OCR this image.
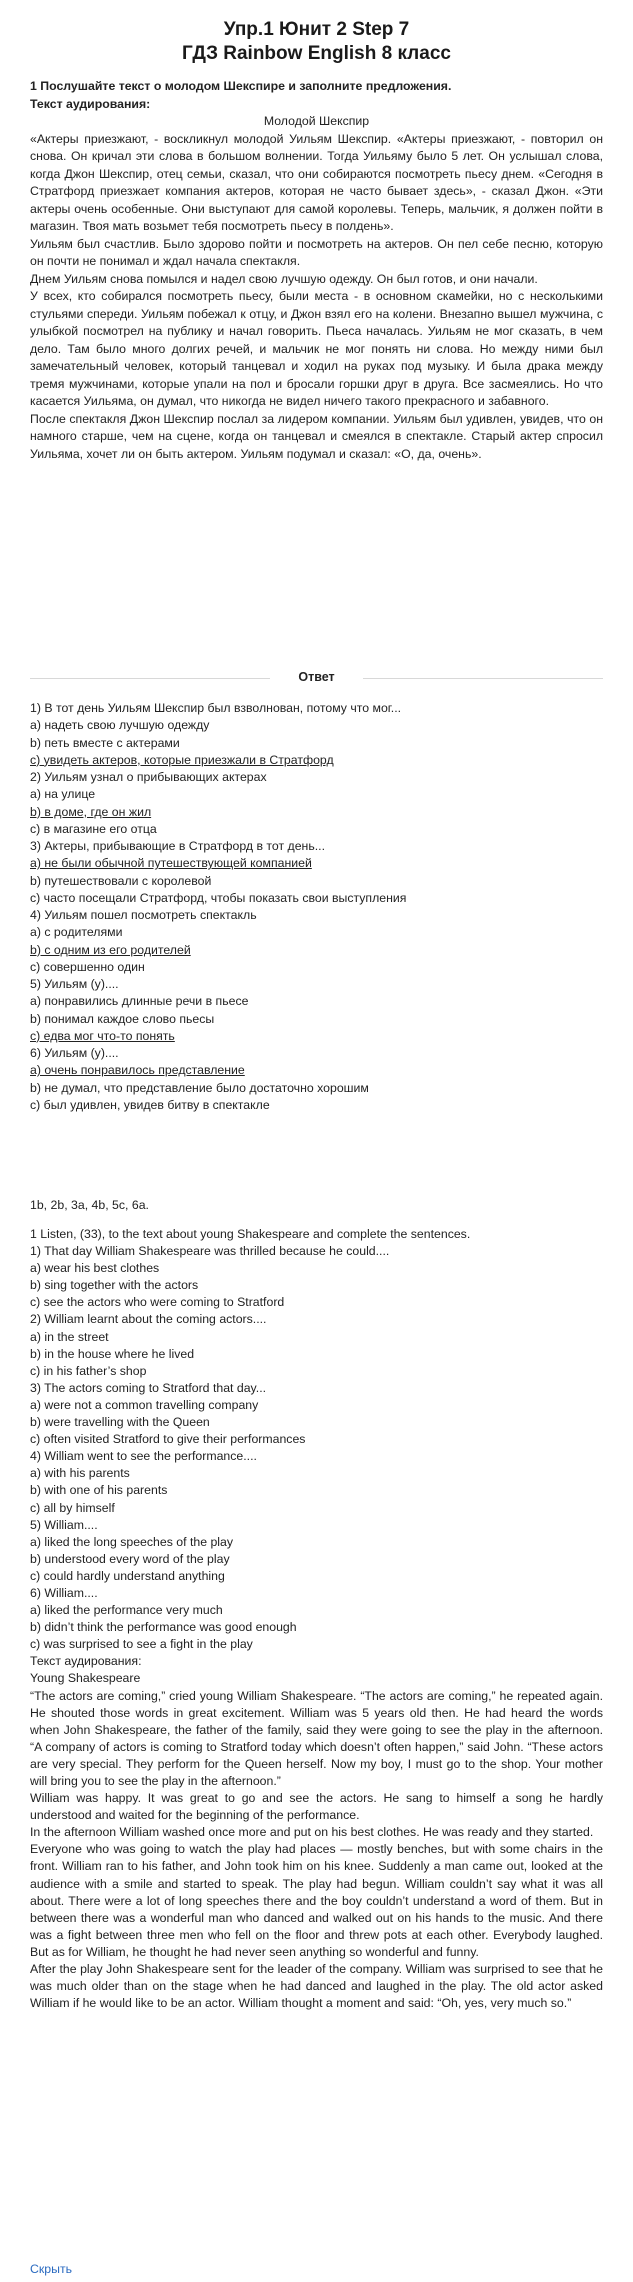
Упр.1 Юнит 2 Step 7
ГДЗ Rainbow English 8 класс
1 Послушайте текст о молодом Шекспире и заполните предложения.
Текст аудирования:
Молодой Шекспир

«Актеры приезжают, - воскликнул молодой Уильям Шекспир. «Актеры приезжают, - повторил он снова. Он кричал эти слова в большом волнении. Тогда Уильяму было 5 лет. Он услышал слова, когда Джон Шекспир, отец семьи, сказал, что они собираются посмотреть пьесу днем. «Сегодня в Стратфорд приезжает компания актеров, которая не часто бывает здесь», - сказал Джон. «Эти актеры очень особенные. Они выступают для самой королевы. Теперь, мальчик, я должен пойти в магазин. Твоя мать возьмет тебя посмотреть пьесу в полдень».

Уильям был счастлив. Было здорово пойти и посмотреть на актеров. Он пел себе песню, которую он почти не понимал и ждал начала спектакля.

Днем Уильям снова помылся и надел свою лучшую одежду. Он был готов, и они начали.

У всех, кто собирался посмотреть пьесу, были места - в основном скамейки, но с несколькими стульями спереди. Уильям побежал к отцу, и Джон взял его на колени. Внезапно вышел мужчина, с улыбкой посмотрел на публику и начал говорить. Пьеса началась. Уильям не мог сказать, в чем дело. Там было много долгих речей, и мальчик не мог понять ни слова. Но между ними был замечательный человек, который танцевал и ходил на руках под музыку. И была драка между тремя мужчинами, которые упали на пол и бросали горшки друг в друга. Все засмеялись. Но что касается Уильяма, он думал, что никогда не видел ничего такого прекрасного и забавного.

После спектакля Джон Шекспир послал за лидером компании. Уильям был удивлен, увидев, что он намного старше, чем на сцене, когда он танцевал и смеялся в спектакле. Старый актер спросил Уильяма, хочет ли он быть актером. Уильям подумал и сказал: «О, да, очень».

Ответ
1) В тот день Уильям Шекспир был взволнован, потому что мог...
а) надеть свою лучшую одежду
b) петь вместе с актерами
c) увидеть актеров, которые приезжали в Стратфорд
2) Уильям узнал о прибывающих актерах
a) на улице
b) в доме, где он жил
c) в магазине его отца
3) Актеры, прибывающие в Стратфорд в тот день...
a) не были обычной путешествующей компанией
b) путешествовали с королевой
c) часто посещали Стратфорд, чтобы показать свои выступления
4) Уильям пошел посмотреть спектакль
a) с родителями
b) с одним из его родителей
c) совершенно один
5) Уильям (у)....
a) понравились длинные речи в пьесе
b) понимал каждое слово пьесы
c) едва мог что-то понять
6) Уильям (у)....
a) очень понравилось представление
b) не думал, что представление было достаточно хорошим
c) был удивлен, увидев битву в спектакле
1b, 2b, 3a, 4b, 5c, 6a.
1 Listen, (33), to the text about young Shakespeare and complete the sentences.
1) That day William Shakespeare was thrilled because he could....
a) wear his best clothes
b) sing together with the actors
c) see the actors who were coming to Stratford
2) William learnt about the coming actors....
a) in the street
b) in the house where he lived
c) in his father’s shop
3) The actors coming to Stratford that day...
a) were not a common travelling company
b) were travelling with the Queen
c) often visited Stratford to give their performances
4) William went to see the performance....
a) with his parents
b) with one of his parents
c) all by himself
5) William....
a) liked the long speeches of the play
b) understood every word of the play
c) could hardly understand anything
6) William....
a) liked the performance very much
b) didn’t think the performance was good enough
c) was surprised to see a fight in the play
Текст аудирования:
Young Shakespeare

“The actors are coming,” cried young William Shakespeare. “The actors are coming,” he repeated again. He shouted those words in great excitement. William was 5 years old then. He had heard the words when John Shakespeare, the father of the family, said they were going to see the play in the afternoon. “A company of actors is coming to Stratford today which doesn’t often happen,” said John. “These actors are very special. They perform for the Queen herself. Now my boy, I must go to the shop. Your mother will bring you to see the play in the afternoon.”

William was happy. It was great to go and see the actors. He sang to himself a song he hardly understood and waited for the beginning of the performance.

In the afternoon William washed once more and put on his best clothes. He was ready and they started.

Everyone who was going to watch the play had places — mostly benches, but with some chairs in the front. William ran to his father, and John took him on his knee. Suddenly a man came out, looked at the audience with a smile and started to speak. The play had begun. William couldn’t say what it was all about. There were a lot of long speeches there and the boy couldn’t understand a word of them. But in between there was a wonderful man who danced and walked out on his hands to the music. And there was a fight between three men who fell on the floor and threw pots at each other. Everybody laughed. But as for William, he thought he had never seen anything so wonderful and funny.

After the play John Shakespeare sent for the leader of the company. William was surprised to see that he was much older than on the stage when he had danced and laughed in the play. The old actor asked William if he would like to be an actor. William thought a moment and said: “Oh, yes, very much so.”

Скрыть
